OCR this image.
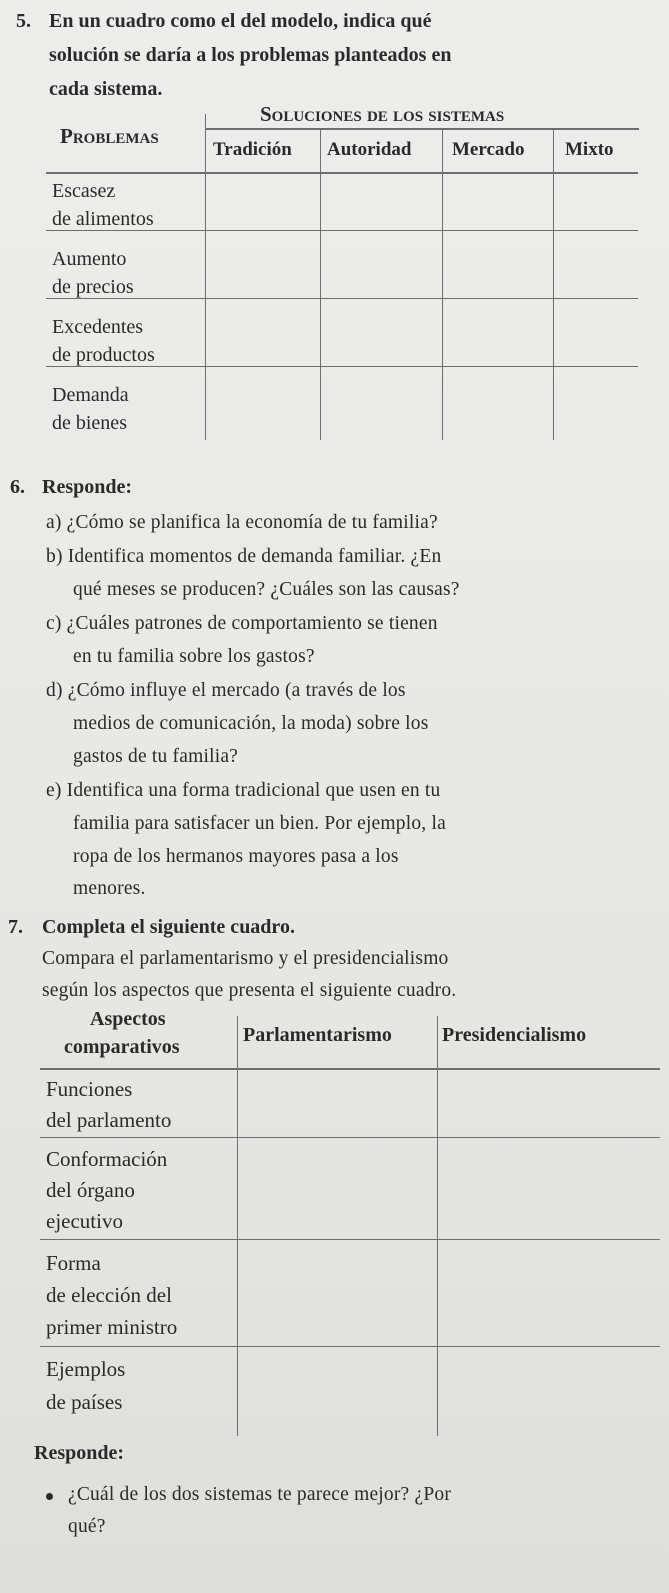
5. En un cuadro como el del modelo, indica qué
solución se daría a los problemas planteados en
cada sistema.
Soluciones de los sistemas
Problemas
Tradición Autoridad Mercado Mixto
Escasez
de alimentos
Aumento
de precios
Excedentes
de productos
Demanda
de bienes
6. Responde:
a) ¿Cómo se planifica la economía de tu familia?
b) Identifica momentos de demanda familiar. ¿En
qué meses se producen? ¿Cuáles son las causas?
c) ¿Cuáles patrones de comportamiento se tienen
en tu familia sobre los gastos?
d) ¿Cómo influye el mercado (a través de los
medios de comunicación, la moda) sobre los
gastos de tu familia?
e) Identifica una forma tradicional que usen en tu
familia para satisfacer un bien. Por ejemplo, la
ropa de los hermanos mayores pasa a los
menores.
7. Completa el siguiente cuadro.
Compara el parlamentarismo y el presidencialismo
según los aspectos que presenta el siguiente cuadro.
Aspectos
comparativos
Parlamentarismo	Presidencialismo
Funciones
del parlamento
Conformación
del órgano
ejecutivo
Forma
de elección del
primer ministro
Ejemplos
de países
Responde:
¿Cuál de los dos sistemas te parece mejor? ¿Por
qué?
